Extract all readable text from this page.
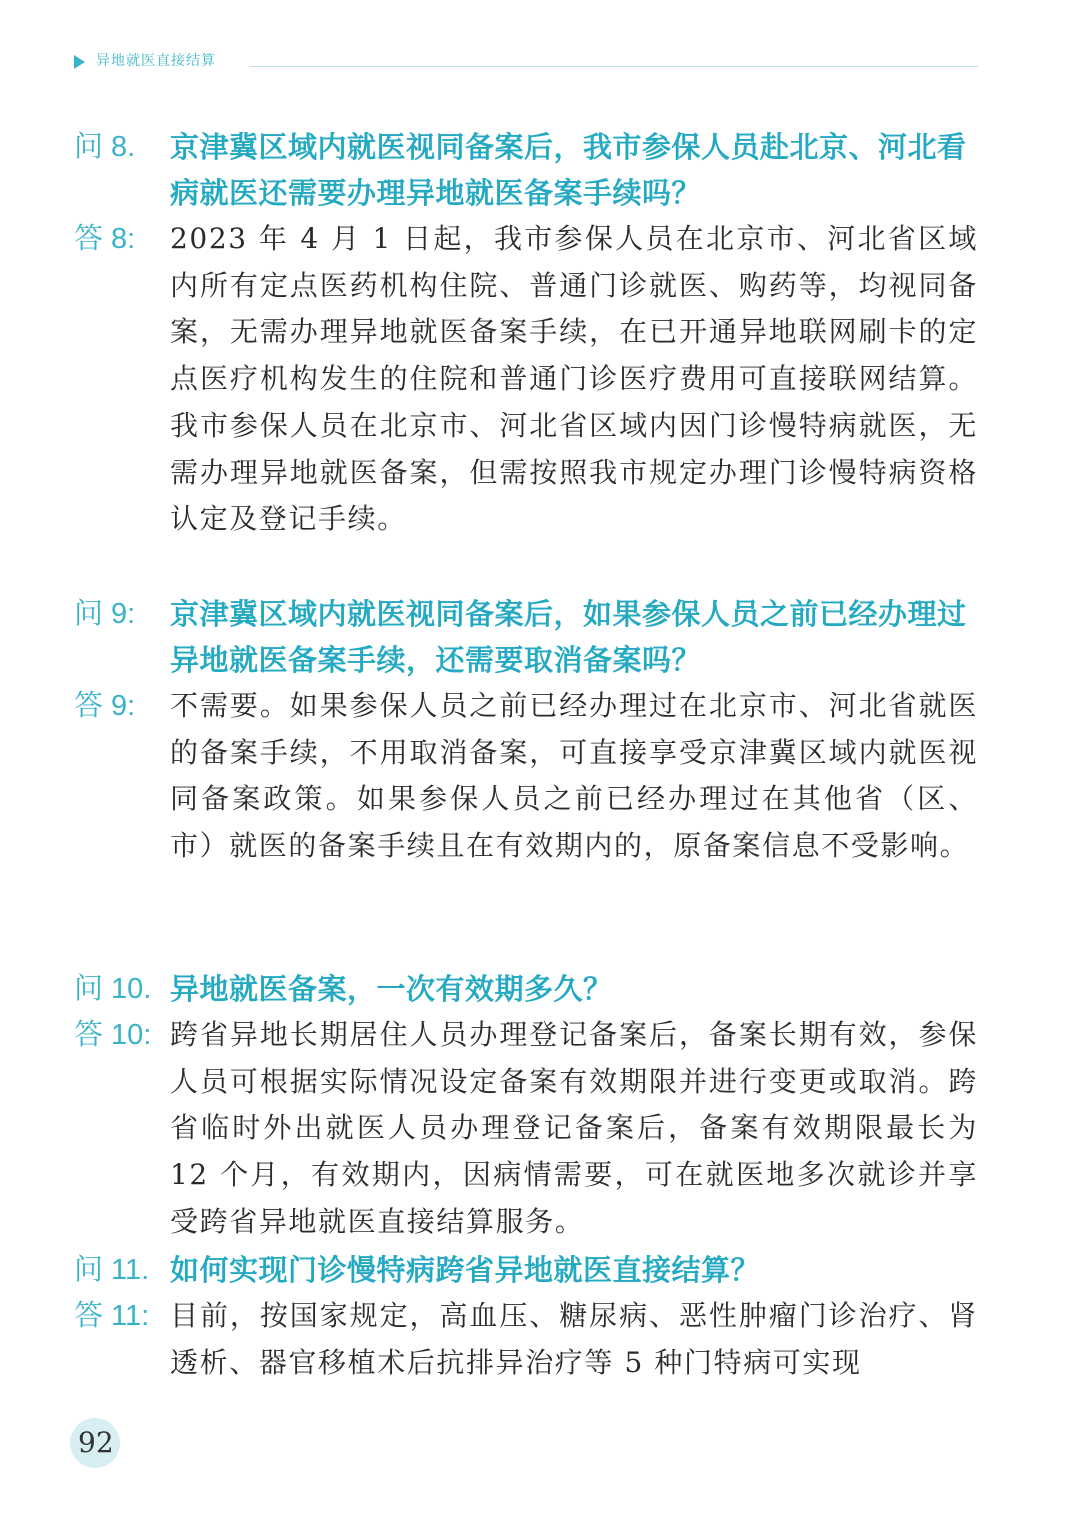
异地就医直接结算
问 8. 京津冀区域内就医视同备案后，我市参保人员赴北京、河北看病就医还需要办理异地就医备案手续吗？
答 8: 2023 年 4 月 1 日起，我市参保人员在北京市、河北省区域内所有定点医药机构住院、普通门诊就医、购药等，均视同备案，无需办理异地就医备案手续，在已开通异地联网刷卡的定点医疗机构发生的住院和普通门诊医疗费用可直接联网结算。我市参保人员在北京市、河北省区域内因门诊慢特病就医，无需办理异地就医备案，但需按照我市规定办理门诊慢特病资格认定及登记手续。
问 9: 京津冀区域内就医视同备案后，如果参保人员之前已经办理过异地就医备案手续，还需要取消备案吗？
答 9: 不需要。如果参保人员之前已经办理过在北京市、河北省就医的备案手续，不用取消备案，可直接享受京津冀区域内就医视同备案政策。如果参保人员之前已经办理过在其他省（区、市）就医的备案手续且在有效期内的，原备案信息不受影响。
问 10. 异地就医备案，一次有效期多久？
答 10: 跨省异地长期居住人员办理登记备案后，备案长期有效，参保人员可根据实际情况设定备案有效期限并进行变更或取消。跨省临时外出就医人员办理登记备案后，备案有效期限最长为 12 个月，有效期内，因病情需要，可在就医地多次就诊并享受跨省异地就医直接结算服务。
问 11. 如何实现门诊慢特病跨省异地就医直接结算？
答 11: 目前，按国家规定，高血压、糖尿病、恶性肿瘤门诊治疗、肾透析、器官移植术后抗排异治疗等 5 种门特病可实现
92
